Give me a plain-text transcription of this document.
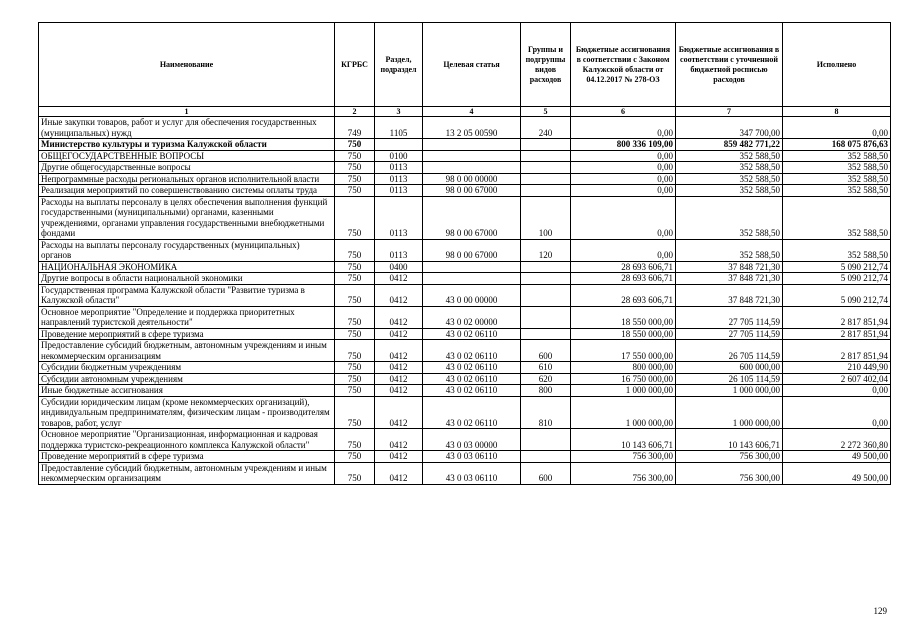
Наименование	КГРБС	Раздел, подраздел	Целевая статья	Группы и подгруппы видов расходов	Бюджетные ассигнования в соответствии с Законом Калужской области от 04.12.2017 № 278-ОЗ	Бюджетные ассигнования в соответствии с уточненной бюджетной росписью расходов	Исполнено
1	2	3	4	5	6	7	8
Иные закупки товаров, работ и услуг для обеспечения государственных (муниципальных) нужд	749	1105	13 2 05 00590	240	0,00	347 700,00	0,00
Министерство культуры и туризма Калужской области	750				800 336 109,00	859 482 771,22	168 075 876,63
ОБЩЕГОСУДАРСТВЕННЫЕ ВОПРОСЫ	750	0100			0,00	352 588,50	352 588,50
Другие общегосударственные вопросы	750	0113			0,00	352 588,50	352 588,50
Непрограммные расходы региональных органов исполнительной власти	750	0113	98 0 00 00000		0,00	352 588,50	352 588,50
Реализация мероприятий по совершенствованию системы оплаты труда	750	0113	98 0 00 67000		0,00	352 588,50	352 588,50
Расходы на выплаты персоналу в целях обеспечения выполнения функций государственными (муниципальными) органами, казенными учреждениями, органами управления государственными внебюджетными фондами	750	0113	98 0 00 67000	100	0,00	352 588,50	352 588,50
Расходы на выплаты персоналу государственных (муниципальных) органов	750	0113	98 0 00 67000	120	0,00	352 588,50	352 588,50
НАЦИОНАЛЬНАЯ ЭКОНОМИКА	750	0400			28 693 606,71	37 848 721,30	5 090 212,74
Другие вопросы в области национальной экономики	750	0412			28 693 606,71	37 848 721,30	5 090 212,74
Государственная программа Калужской области "Развитие туризма в Калужской области"	750	0412	43 0 00 00000		28 693 606,71	37 848 721,30	5 090 212,74
Основное мероприятие "Определение и поддержка приоритетных направлений туристской деятельности"	750	0412	43 0 02 00000		18 550 000,00	27 705 114,59	2 817 851,94
Проведение мероприятий в сфере туризма	750	0412	43 0 02 06110		18 550 000,00	27 705 114,59	2 817 851,94
Предоставление субсидий бюджетным, автономным учреждениям и иным некоммерческим организациям	750	0412	43 0 02 06110	600	17 550 000,00	26 705 114,59	2 817 851,94
Субсидии бюджетным учреждениям	750	0412	43 0 02 06110	610	800 000,00	600 000,00	210 449,90
Субсидии автономным учреждениям	750	0412	43 0 02 06110	620	16 750 000,00	26 105 114,59	2 607 402,04
Иные бюджетные ассигнования	750	0412	43 0 02 06110	800	1 000 000,00	1 000 000,00	0,00
Субсидии юридическим лицам (кроме некоммерческих организаций), индивидуальным предпринимателям, физическим лицам - производителям товаров, работ, услуг	750	0412	43 0 02 06110	810	1 000 000,00	1 000 000,00	0,00
Основное мероприятие "Организационная, информационная и кадровая поддержка туристско-рекреационного комплекса Калужской области"	750	0412	43 0 03 00000		10 143 606,71	10 143 606,71	2 272 360,80
Проведение мероприятий в сфере туризма	750	0412	43 0 03 06110		756 300,00	756 300,00	49 500,00
Предоставление субсидий бюджетным, автономным учреждениям и иным некоммерческим организациям	750	0412	43 0 03 06110	600	756 300,00	756 300,00	49 500,00
129
